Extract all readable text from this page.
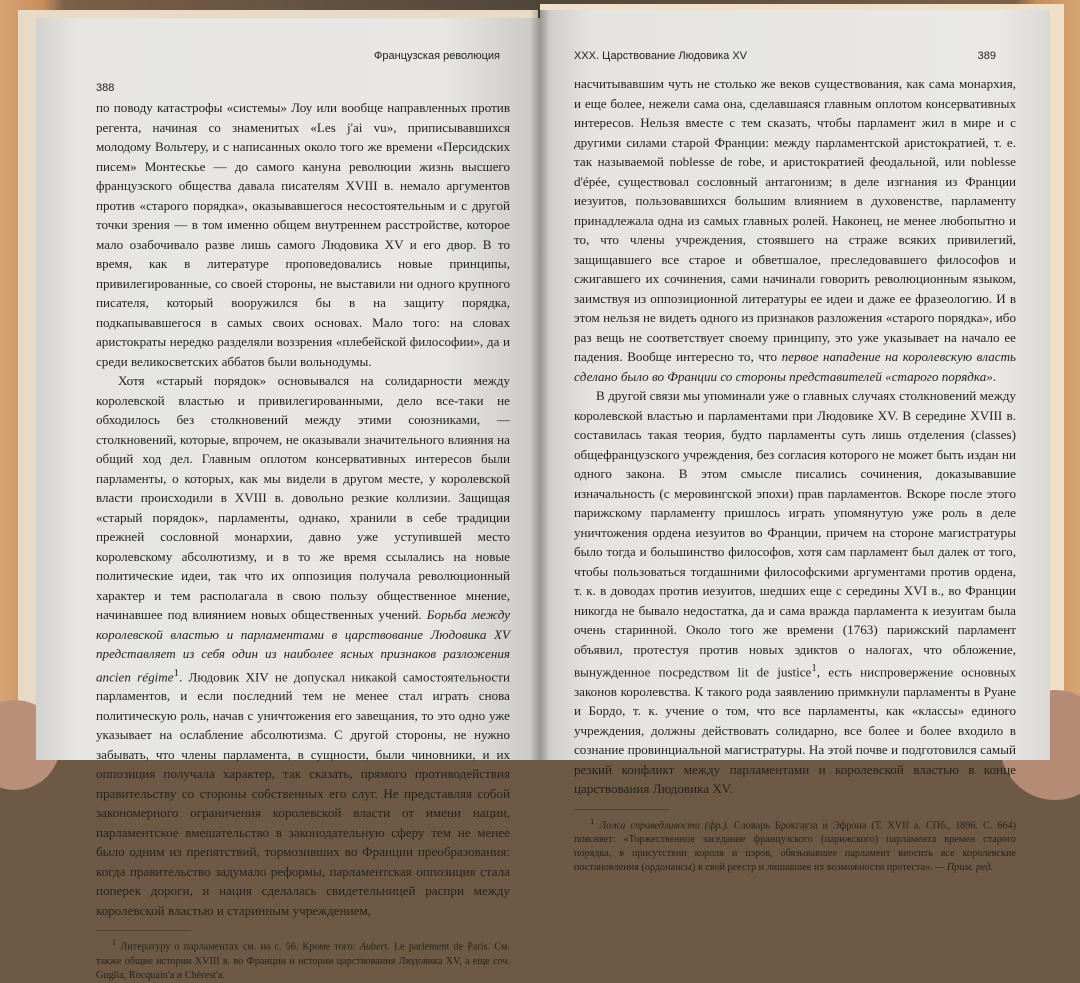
388
Французская революция

по поводу катастрофы «системы» Лоу или вообще направленных против регента, начиная со знаменитых «Les j'ai vu», приписывавшихся молодому Вольтеру, и с написанных около того же времени «Персидских писем» Монтескье — до самого кануна революции жизнь высшего французского общества давала писателям XVIII в. немало аргументов против «старого порядка», оказывавшегося несостоятельным и с другой точки зрения — в том именно общем внутреннем расстройстве, которое мало озабочивало разве лишь самого Людовика XV и его двор. В то время, как в литературе проповедовались новые принципы, привилегированные, со своей стороны, не выставили ни одного крупного писателя, который вооружился бы в на защиту порядка, подкапывавшегося в самых своих основах. Мало того: на словах аристократы нередко разделяли воззрения «плебейской философии», да и среди великосветских аббатов были вольнодумы.

Хотя «старый порядок» основывался на солидарности между королевской властью и привилегированными, дело все-таки не обходилось без столкновений между этими союзниками, — столкновений, которые, впрочем, не оказывали значительного влияния на общий ход дел. Главным оплотом консервативных интересов были парламенты, о которых, как мы видели в другом месте, у королевской власти происходили в XVIII в. довольно резкие коллизии. Защищая «старый порядок», парламенты, однако, хранили в себе традиции прежней сословной монархии, давно уже уступившей место королевскому абсолютизму, и в то же время ссылались на новые политические идеи, так что их оппозиция получала революционный характер и тем располагала в свою пользу общественное мнение, начинавшее под влиянием новых общественных учений. Борьба между королевской властью и парламентами в царствование Людовика XV представляет из себя один из наиболее ясных признаков разложения ancien régime$^1$. Людовик XIV не допускал никакой самостоятельности парламентов, и если последний тем не менее стал играть снова политическую роль, начав с уничтожения его завещания, то это одно уже указывает на ослабление абсолютизма. С другой стороны, не нужно забывать, что члены парламента, в сущности, были чиновники, и их оппозиция получала характер, так сказать, прямого противодействия правительству со стороны собственных его слуг. Не представляя собой закономерного ограничения королевской власти от имени нации, парламентское вмешательство в законодательную сферу тем не менее было одним из препятствий, тормозивших во Франции преобразования: когда правительство задумало реформы, парламентская оппозиция стала поперек дороги, и нация сделалась свидетельницей распри между королевской властью и старинным учреждением,

$^1$ Литературу о парламентах см. на с. 56. Кроме того: Aubert. Le parlement de Paris. См. также общие истории XVIII в. во Франции и истории царствования Людовика XV, а еще соч. Guglia, Rocquain'a и Chérest'a.

XXX. Царствование Людовика XV	389

насчитывавшим чуть не столько же веков существования, как сама монархия, и еще более, нежели сама она, сделавшаяся главным оплотом консервативных интересов. Нельзя вместе с тем сказать, чтобы парламент жил в мире и с другими силами старой Франции: между парламентской аристократией, т. е. так называемой noblesse de robe, и аристократией феодальной, или noblesse d'épée, существовал сословный антагонизм; в деле изгнания из Франции иезуитов, пользовавшихся большим влиянием в духовенстве, парламенту принадлежала одна из самых главных ролей. Наконец, не менее любопытно и то, что члены учреждения, стоявшего на страже всяких привилегий, защищавшего все старое и обветшалое, преследовавшего философов и сжигавшего их сочинения, сами начинали говорить революционным языком, заимствуя из оппозиционной литературы ее идеи и даже ее фразеологию. И в этом нельзя не видеть одного из признаков разложения «старого порядка», ибо раз вещь не соответствует своему принципу, это уже указывает на начало ее падения. Вообще интересно то, что первое нападение на королевскую власть сделано было во Франции со стороны представителей «старого порядка».

В другой связи мы упоминали уже о главных случаях столкновений между королевской властью и парламентами при Людовике XV. В середине XVIII в. составилась такая теория, будто парламенты суть лишь отделения (classes) общефранцузского учреждения, без согласия которого не может быть издан ни одного закона. В этом смысле писались сочинения, доказывавшие изначальность (с меровингской эпохи) прав парламентов. Вскоре после этого парижскому парламенту пришлось играть упомянутую уже роль в деле уничтожения ордена иезуитов во Франции, причем на стороне магистратуры было тогда и большинство философов, хотя сам парламент был далек от того, чтобы пользоваться тогдашними философскими аргументами против ордена, т. к. в доводах против иезуитов, шедших еще с середины XVI в., во Франции никогда не бывало недостатка, да и сама вражда парламента к иезуитам была очень старинной. Около того же времени (1763) парижский парламент объявил, протестуя против новых эдиктов о налогах, что обложение, вынужденное посредством lit de justice$^1$, есть ниспровержение основных законов королевства. К такого рода заявлению примкнули парламенты в Руане и Бордо, т. к. учение о том, что все парламенты, как «классы» единого учреждения, должны действовать солидарно, все более и более входило в сознание провинциальной магистратуры. На этой почве и подготовился самый резкий конфликт между парламентами и королевской властью в конце царствования Людовика XV.

$^1$ Ложа справедливости (фр.). Словарь Брокгауза и Эфрона (Т. XVII а. СПб., 1896. С. 664) поясняет: «Торжественное заседание французского (парижского) парламента времен старого порядка, в присутствии короля и пэров, обязывавшее парламент вносить все королевские постановления (ордонансы) в свой реестр и лишавшее их возможности протеста». — Прим. ред.
